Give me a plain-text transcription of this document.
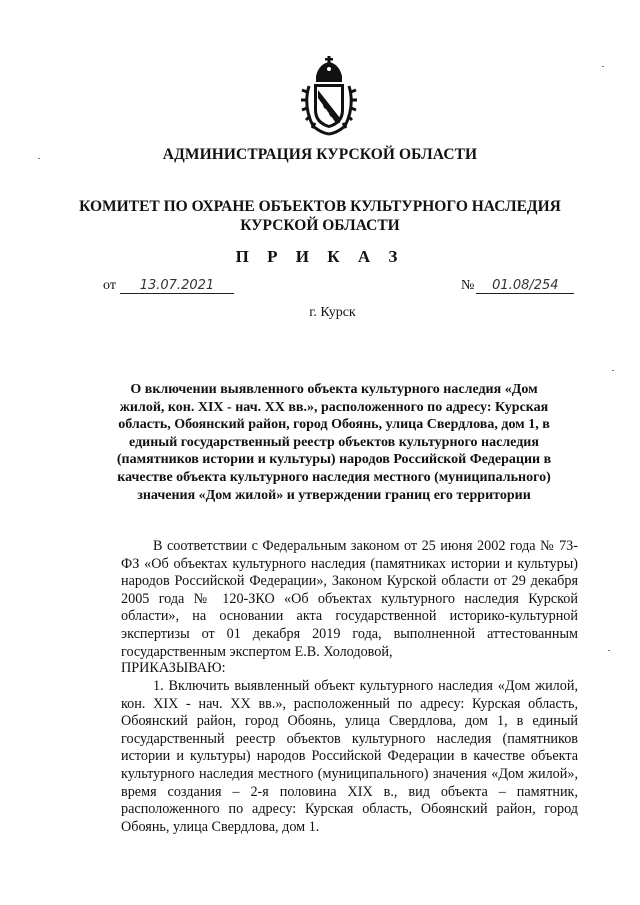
АДМИНИСТРАЦИЯ КУРСКОЙ ОБЛАСТИ
КОМИТЕТ ПО ОХРАНЕ ОБЪЕКТОВ КУЛЬТУРНОГО НАСЛЕДИЯ
КУРСКОЙ ОБЛАСТИ
П Р И К А З
от 13.07.2021	№ 01.08/254
г. Курск
О включении выявленного объекта культурного наследия «Дом жилой, кон. XIX - нач. XX вв.», расположенного по адресу: Курская область, Обоянский район, город Обоянь, улица Свердлова, дом 1, в единый государственный реестр объектов культурного наследия (памятников истории и культуры) народов Российской Федерации в качестве объекта культурного наследия местного (муниципального) значения «Дом жилой» и утверждении границ его территории
В соответствии с Федеральным законом от 25 июня 2002 года № 73-ФЗ «Об объектах культурного наследия (памятниках истории и культуры) народов Российской Федерации», Законом Курской области от 29 декабря 2005 года № 120-ЗКО «Об объектах культурного наследия Курской области», на основании акта государственной историко-культурной экспертизы от 01 декабря 2019 года, выполненной аттестованным государственным экспертом Е.В. Холодовой,
ПРИКАЗЫВАЮ:
1. Включить выявленный объект культурного наследия «Дом жилой, кон. XIX - нач. XX вв.», расположенный по адресу: Курская область, Обоянский район, город Обоянь, улица Свердлова, дом 1, в единый государственный реестр объектов культурного наследия (памятников истории и культуры) народов Российской Федерации в качестве объекта культурного наследия местного (муниципального) значения «Дом жилой», время создания – 2-я половина XIX в., вид объекта – памятник, расположенного по адресу: Курская область, Обоянский район, город Обоянь, улица Свердлова, дом 1.
